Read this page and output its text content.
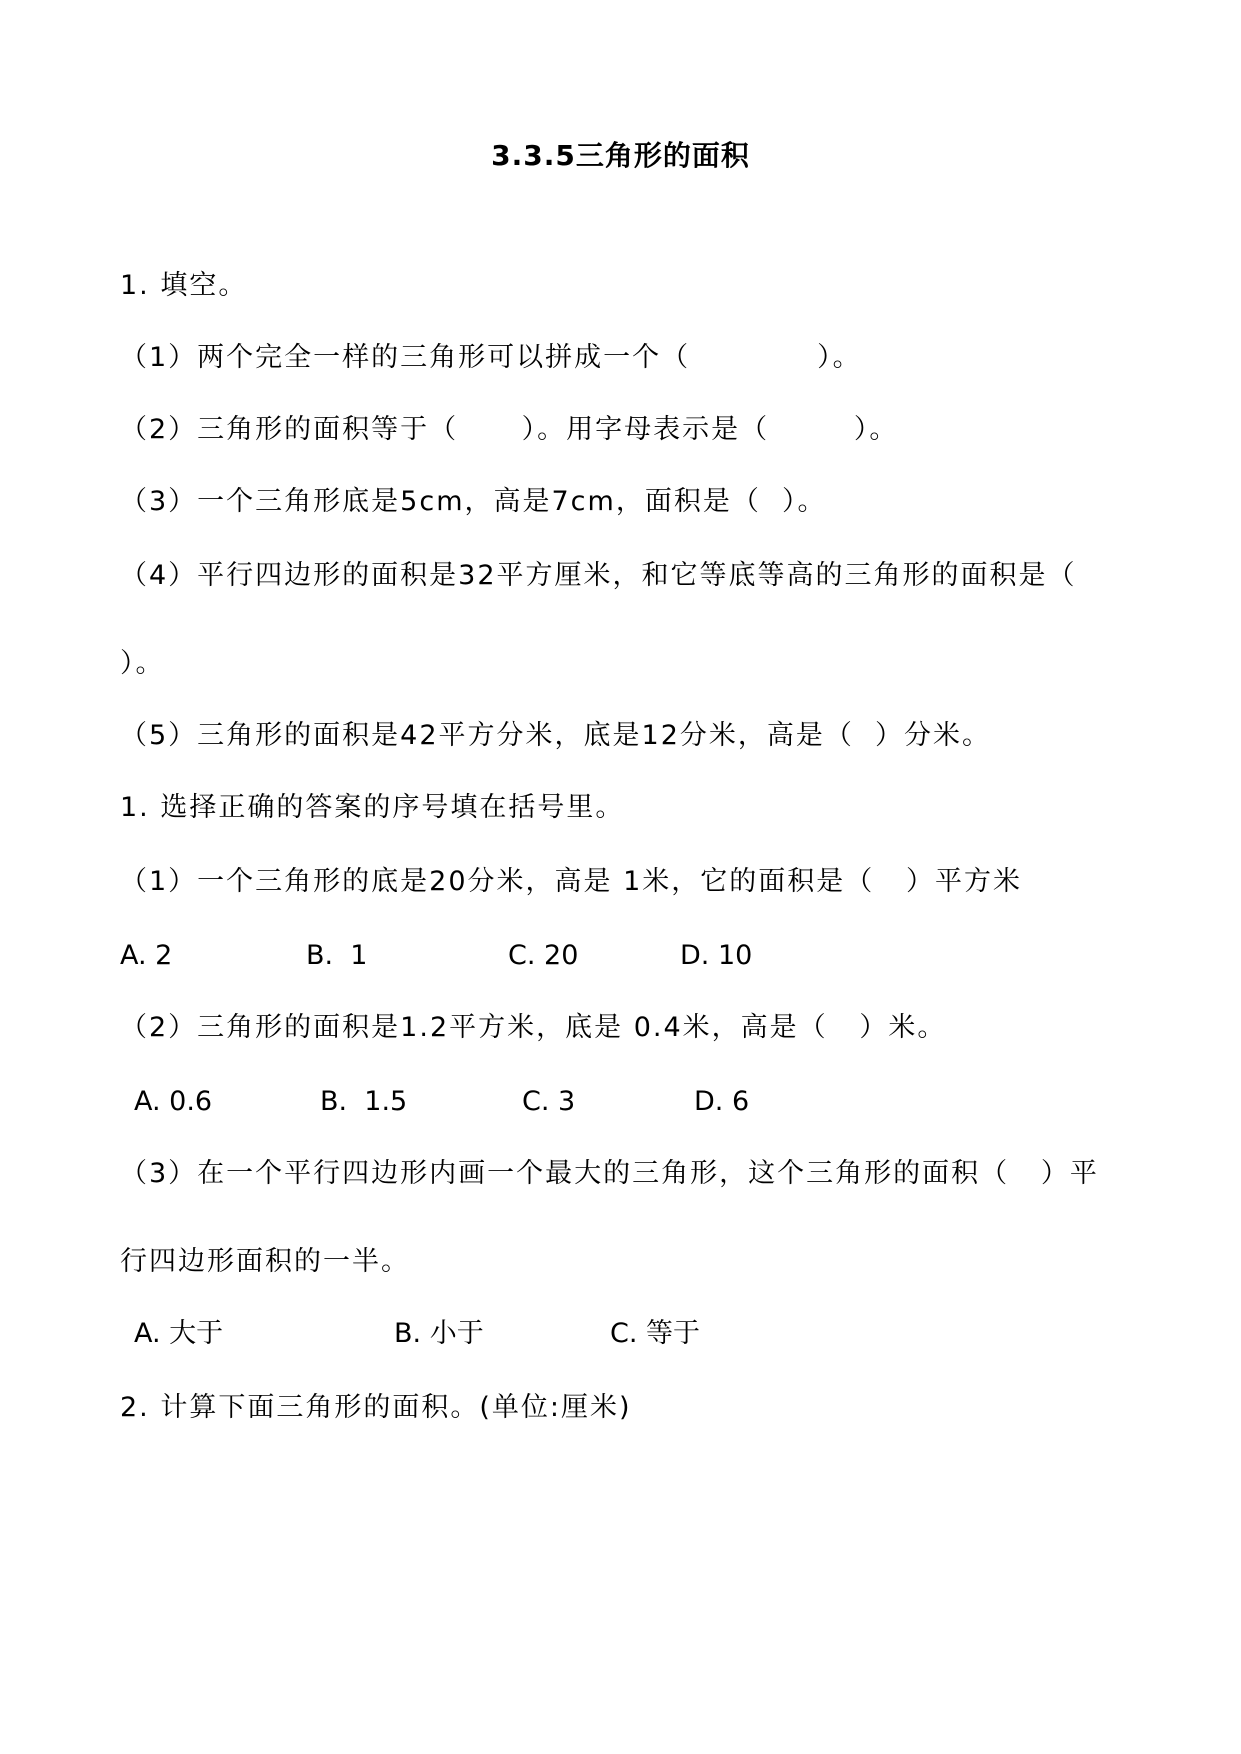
3.3.5三角形的面积
1. 填空。
（1）两个完全一样的三角形可以拼成一个（            ）。
（2）三角形的面积等于（      ）。用字母表示是（        ）。
（3）一个三角形底是5cm，高是7cm，面积是（  ）。
（4）平行四边形的面积是32平方厘米，和它等底等高的三角形的面积是（
）。
（5）三角形的面积是42平方分米，底是12分米，高是（  ）分米。
1. 选择正确的答案的序号填在括号里。
（1）一个三角形的底是20分米，高是 1米，它的面积是（   ）平方米

A. 2

	B.  1

	C. 20

	D. 10

（2）三角形的面积是1.2平方米，底是 0.4米，高是（   ）米。

A. 0.6

	B.  1.5

	C. 3

	D. 6

（3）在一个平行四边形内画一个最大的三角形，这个三角形的面积（   ）平
行四边形面积的一半。

A. 大于

	B. 小于

	C. 等于

2. 计算下面三角形的面积。(单位:厘米)
